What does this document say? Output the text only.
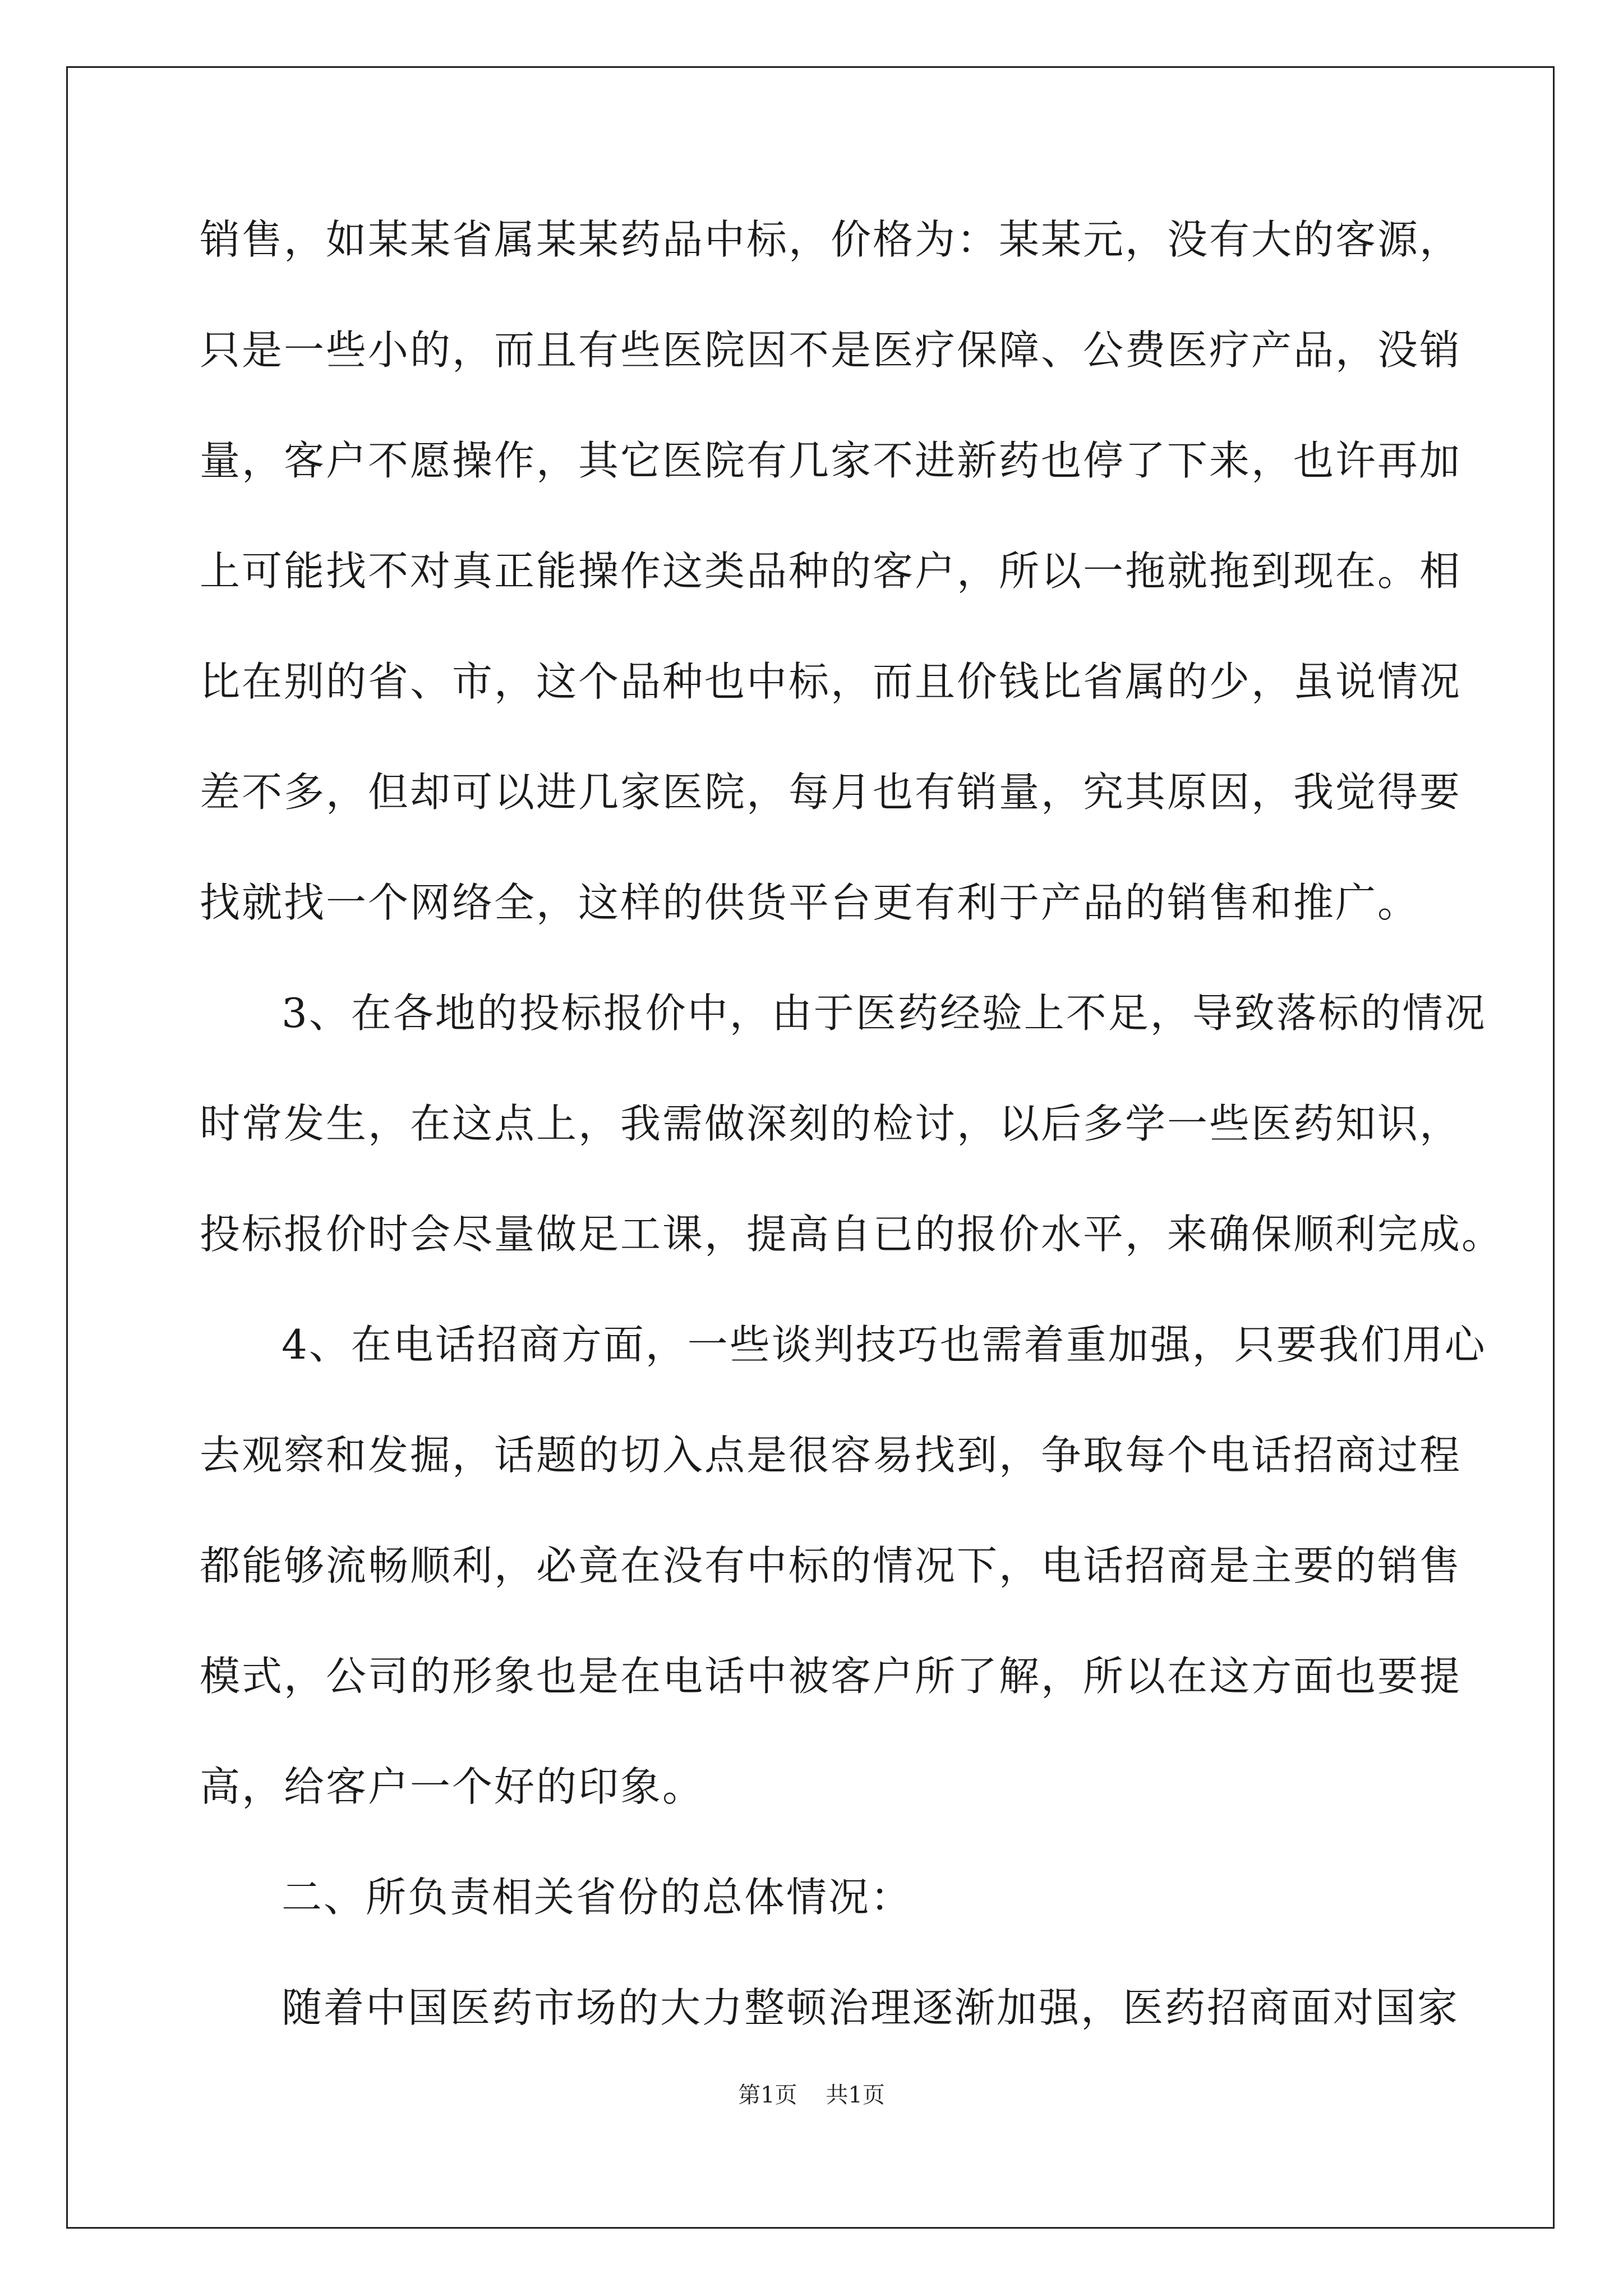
销售，如某某省属某某药品中标，价格为：某某元，没有大的客源，
只是一些小的，而且有些医院因不是医疗保障、公费医疗产品，没销
量，客户不愿操作，其它医院有几家不进新药也停了下来，也许再加
上可能找不对真正能操作这类品种的客户，所以一拖就拖到现在。相
比在别的省、市，这个品种也中标，而且价钱比省属的少，虽说情况
差不多，但却可以进几家医院，每月也有销量，究其原因，我觉得要
找就找一个网络全，这样的供货平台更有利于产品的销售和推广。
3、在各地的投标报价中，由于医药经验上不足，导致落标的情况
时常发生，在这点上，我需做深刻的检讨，以后多学一些医药知识，
投标报价时会尽量做足工课，提高自已的报价水平，来确保顺利完成。
4、在电话招商方面，一些谈判技巧也需着重加强，只要我们用心
去观察和发掘，话题的切入点是很容易找到，争取每个电话招商过程
都能够流畅顺利，必竟在没有中标的情况下，电话招商是主要的销售
模式，公司的形象也是在电话中被客户所了解，所以在这方面也要提
高，给客户一个好的印象。
二、所负责相关省份的总体情况：
随着中国医药市场的大力整顿治理逐渐加强，医药招商面对国家
第1页    共1页
